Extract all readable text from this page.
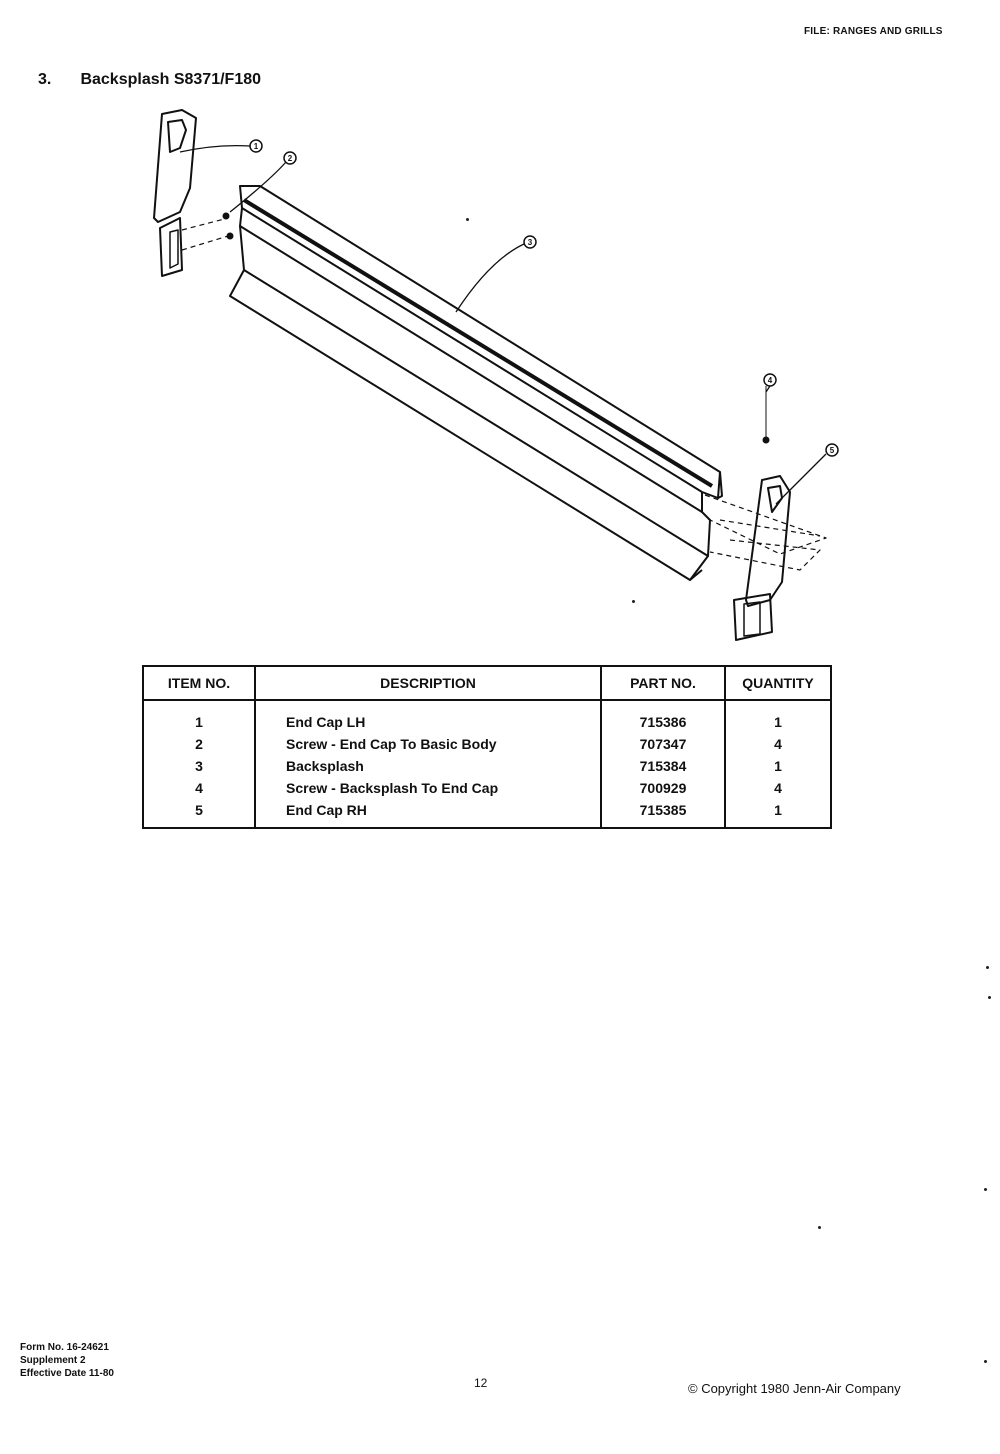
FILE: RANGES AND GRILLS
3. Backsplash S8371/F180
1
2
3
4
5
ITEM NO.
1
2
3
4
5
DESCRIPTION
End Cap LH
Screw - End Cap To Basic Body
Backsplash
Screw - Backsplash To End Cap
End Cap RH
PART NO.
715386
707347
715384
700929
715385
QUANTITY
1
4
1
4
1
Form No. 16-24621
Supplement 2
Effective Date 11-80
12	© Copyright 1980 Jenn-Air Company
